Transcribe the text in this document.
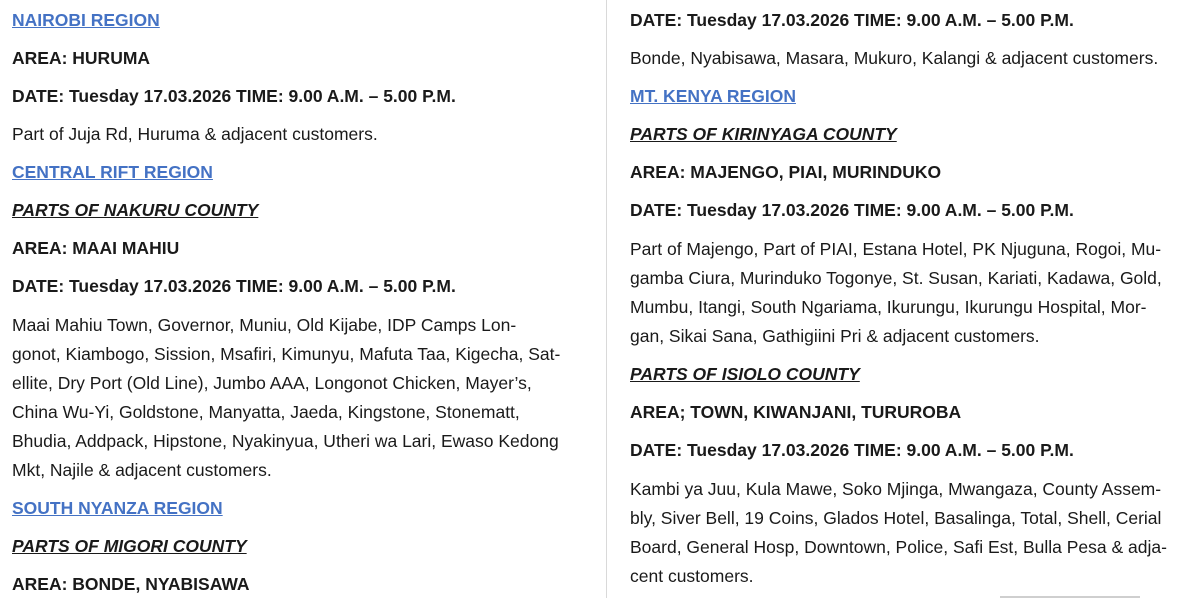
NAIROBI REGION
AREA: HURUMA
DATE: Tuesday 17.03.2026 TIME: 9.00 A.M. – 5.00 P.M.
Part of Juja Rd, Huruma & adjacent customers.
CENTRAL RIFT REGION
PARTS OF NAKURU COUNTY
AREA: MAAI MAHIU
DATE: Tuesday 17.03.2026 TIME: 9.00 A.M. – 5.00 P.M.
Maai Mahiu Town, Governor, Muniu, Old Kijabe, IDP Camps Lon-
gonot, Kiambogo, Sission, Msafiri, Kimunyu, Mafuta Taa, Kigecha, Sat-
ellite, Dry Port (Old Line), Jumbo AAA, Longonot Chicken, Mayer’s,
China Wu-Yi, Goldstone, Manyatta, Jaeda, Kingstone, Stonematt,
Bhudia, Addpack, Hipstone, Nyakinyua, Utheri wa Lari, Ewaso Kedong
Mkt, Najile & adjacent customers.
SOUTH NYANZA REGION
PARTS OF MIGORI COUNTY
AREA: BONDE, NYABISAWA
DATE: Tuesday 17.03.2026 TIME: 9.00 A.M. – 5.00 P.M.
Bonde, Nyabisawa, Masara, Mukuro, Kalangi & adjacent customers.
MT. KENYA REGION
PARTS OF KIRINYAGA COUNTY
AREA: MAJENGO, PIAI, MURINDUKO
DATE: Tuesday 17.03.2026 TIME: 9.00 A.M. – 5.00 P.M.
Part of Majengo, Part of PIAI, Estana Hotel, PK Njuguna, Rogoi, Mu-
gamba Ciura, Murinduko Togonye, St. Susan, Kariati, Kadawa, Gold,
Mumbu, Itangi, South Ngariama, Ikurungu, Ikurungu Hospital, Mor-
gan, Sikai Sana, Gathigiini Pri & adjacent customers.
PARTS OF ISIOLO COUNTY
AREA; TOWN, KIWANJANI, TURUROBA
DATE: Tuesday 17.03.2026 TIME: 9.00 A.M. – 5.00 P.M.
Kambi ya Juu, Kula Mawe, Soko Mjinga, Mwangaza, County Assem-
bly, Siver Bell, 19 Coins, Glados Hotel, Basalinga, Total, Shell, Cerial
Board, General Hosp, Downtown, Police, Safi Est, Bulla Pesa & adja-
cent customers.
